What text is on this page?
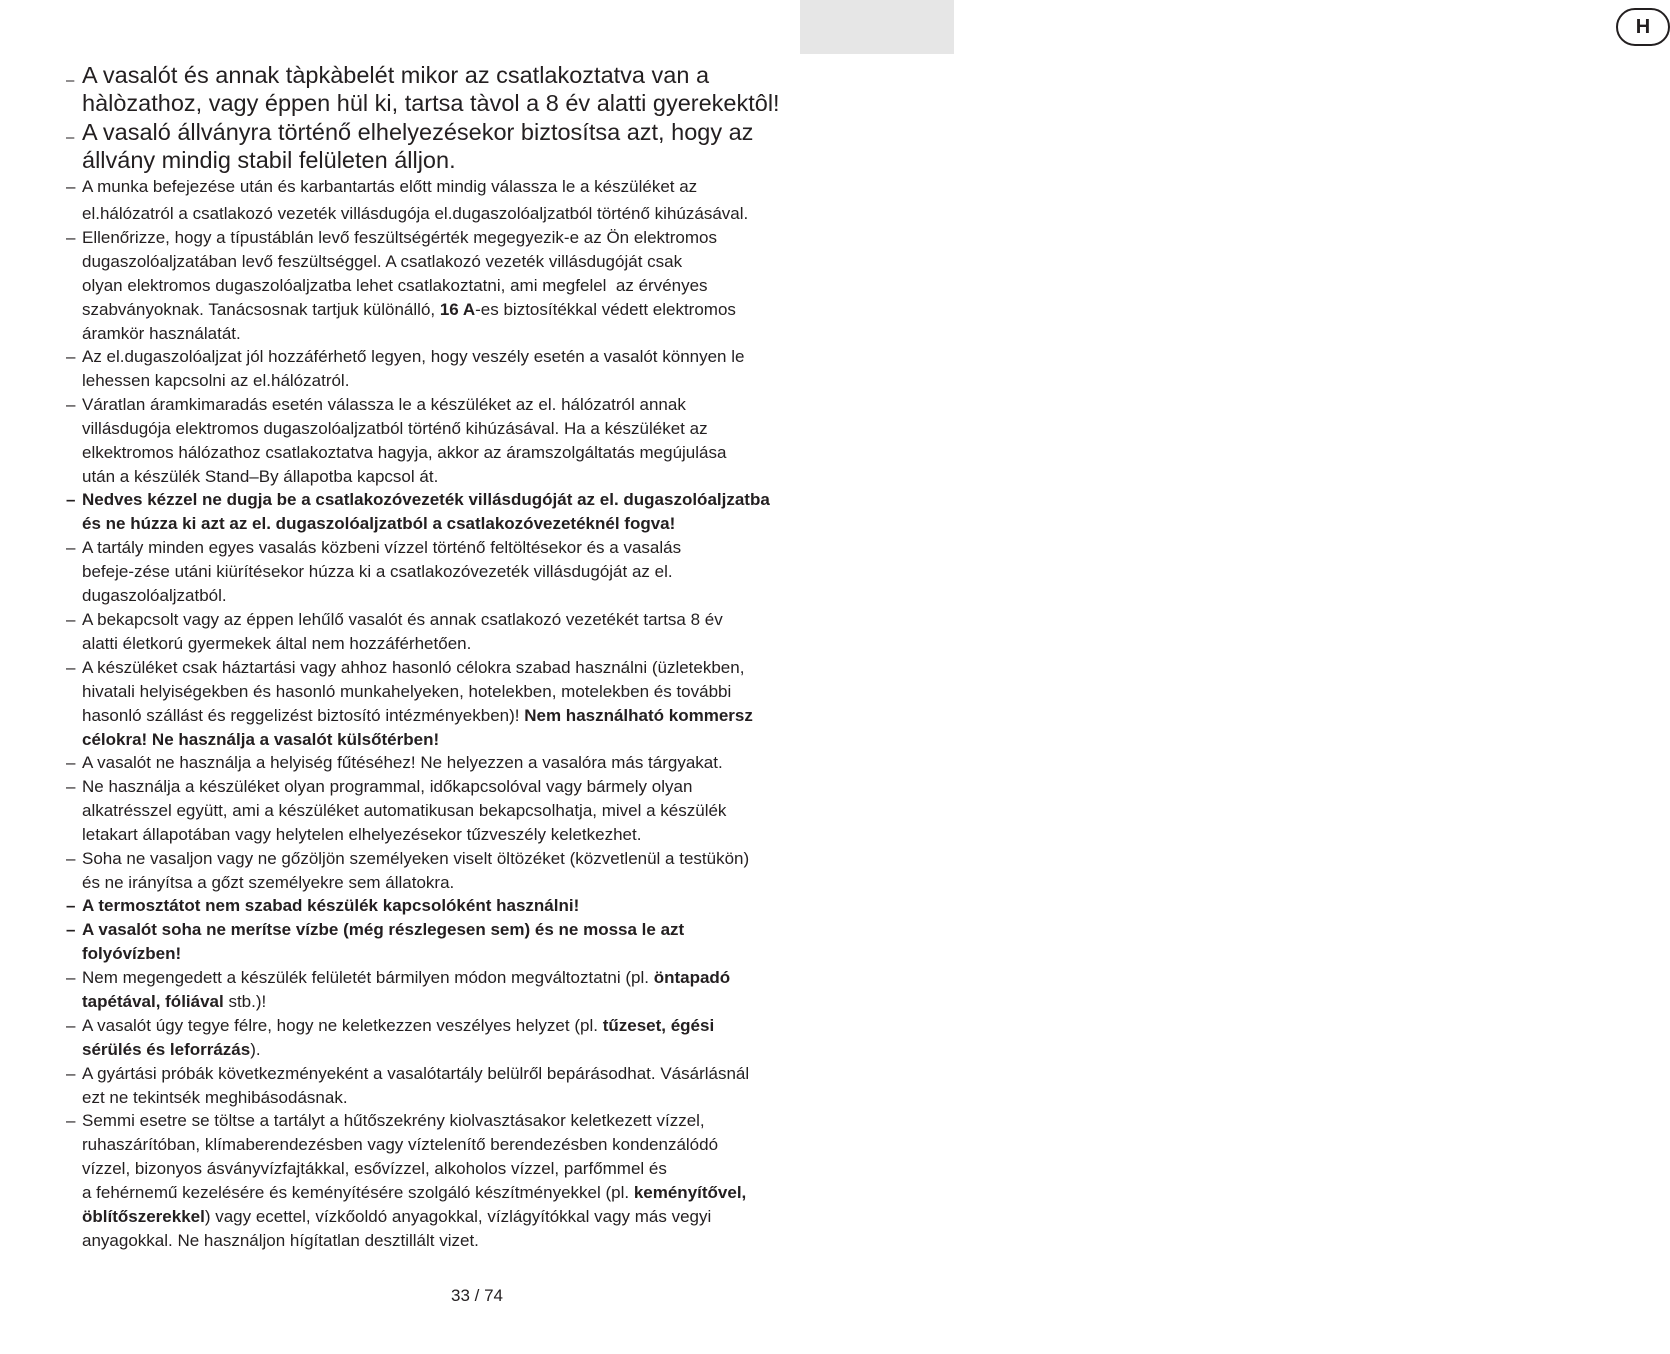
H
– A vasalót és annak tàpkàbelét mikor az csatlakoztatva van a
hàlòzathoz, vagy éppen hül ki, tartsa tàvol a 8 év alatti gyerekektôl!
– A vasaló állványra történő elhelyezésekor biztosítsa azt, hogy az
állvány mindig stabil felületen álljon.
– A munka befejezése után és karbantartás előtt mindig válassza le a készüléket az
el.hálózatról a csatlakozó vezeték villásdugója el.dugaszolóaljzatból történő kihúzásával.
– Ellenőrizze, hogy a típustáblán levő feszültségérték megegyezik-e az Ön elektromos
dugaszolóaljzatában levő feszültséggel. A csatlakozó vezeték villásdugóját csak
olyan elektromos dugaszolóaljzatba lehet csatlakoztatni, ami megfelel  az érvényes
szabványoknak. Tanácsosnak tartjuk különálló, 16 A-es biztosítékkal védett elektromos
áramkör használatát.
– Az el.dugaszolóaljzat jól hozzáférhető legyen, hogy veszély esetén a vasalót könnyen le
lehessen kapcsolni az el.hálózatról.
– Váratlan áramkimaradás esetén válassza le a készüléket az el. hálózatról annak
villásdugója elektromos dugaszolóaljzatból történő kihúzásával. Ha a készüléket az
elkektromos hálózathoz csatlakoztatva hagyja, akkor az áramszolgáltatás megújulása
után a készülék Stand–By állapotba kapcsol át.
– Nedves kézzel ne dugja be a csatlakozóvezeték villásdugóját az el. dugaszolóaljzatba
és ne húzza ki azt az el. dugaszolóaljzatból a csatlakozóvezetéknél fogva!
– A tartály minden egyes vasalás közbeni vízzel történő feltöltésekor és a vasalás
befeje-zése utáni kiürítésekor húzza ki a csatlakozóvezeték villásdugóját az el.
dugaszolóaljzatból.
– A bekapcsolt vagy az éppen lehűlő vasalót és annak csatlakozó vezetékét tartsa 8 év
alatti életkorú gyermekek által nem hozzáférhetően.
– A készüléket csak háztartási vagy ahhoz hasonló célokra szabad használni (üzletekben,
hivatali helyiségekben és hasonló munkahelyeken, hotelekben, motelekben és további
hasonló szállást és reggelizést biztosító intézményekben)! Nem használható kommersz
célokra! Ne használja a vasalót külsőtérben!
– A vasalót ne használja a helyiség fűtéséhez! Ne helyezzen a vasalóra más tárgyakat.
– Ne használja a készüléket olyan programmal, időkapcsolóval vagy bármely olyan
alkatrésszel együtt, ami a készüléket automatikusan bekapcsolhatja, mivel a készülék
letakart állapotában vagy helytelen elhelyezésekor tűzveszély keletkezhet.
– Soha ne vasaljon vagy ne gőzöljön személyeken viselt öltözéket (közvetlenül a testükön)
és ne irányítsa a gőzt személyekre sem állatokra.
– A termosztátot nem szabad készülék kapcsolóként használni!
– A vasalót soha ne merítse vízbe (még részlegesen sem) és ne mossa le azt
folyóvízben!
– Nem megengedett a készülék felületét bármilyen módon megváltoztatni (pl. öntapadó
tapétával, fóliával stb.)!
– A vasalót úgy tegye félre, hogy ne keletkezzen veszélyes helyzet (pl. tűzeset, égési
sérülés és leforrázás).
– A gyártási próbák következményeként a vasalótartály belülről bepárásodhat. Vásárlásnál
ezt ne tekintsék meghibásodásnak.
– Semmi esetre se töltse a tartályt a hűtőszekrény kiolvasztásakor keletkezett vízzel,
ruhaszárítóban, klímaberendezésben vagy víztelenítő berendezésben kondenzálódó
vízzel, bizonyos ásványvízfajtákkal, esővízzel, alkoholos vízzel, parfőmmel és
a fehérnemű kezelésére és keményítésére szolgáló készítményekkel (pl. keményítővel,
öblítőszerekkel) vagy ecettel, vízkőoldó anyagokkal, vízlágyítókkal vagy más vegyi
anyagokkal. Ne használjon hígítatlan desztillált vizet.
33 / 74
